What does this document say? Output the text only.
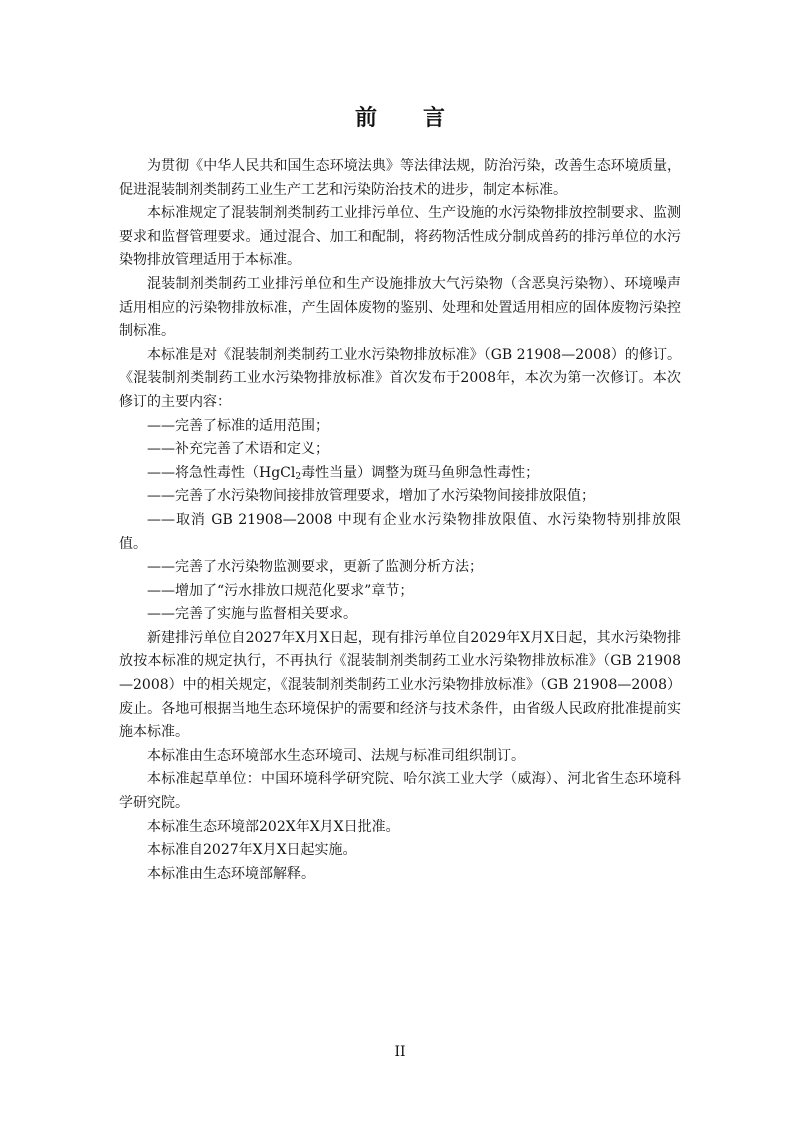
前言

为贯彻《中华人民共和国生态环境法典》等法律法规，防治污染，改善生态环境质量，促进混装制剂类制药工业生产工艺和污染防治技术的进步，制定本标准。

本标准规定了混装制剂类制药工业排污单位、生产设施的水污染物排放控制要求、监测要求和监督管理要求。通过混合、加工和配制，将药物活性成分制成兽药的排污单位的水污染物排放管理适用于本标准。

混装制剂类制药工业排污单位和生产设施排放大气污染物（含恶臭污染物）、环境噪声适用相应的污染物排放标准，产生固体废物的鉴别、处理和处置适用相应的固体废物污染控制标准。

本标准是对《混装制剂类制药工业水污染物排放标准》（GB 21908—2008）的修订。《混装制剂类制药工业水污染物排放标准》首次发布于2008年，本次为第一次修订。本次修订的主要内容：

——完善了标准的适用范围；

——补充完善了术语和定义；

——将急性毒性（HgCl$_2$毒性当量）调整为斑马鱼卵急性毒性；

——完善了水污染物间接排放管理要求，增加了水污染物间接排放限值；

——取消 GB 21908—2008 中现有企业水污染物排放限值、水污染物特别排放限值。

——完善了水污染物监测要求，更新了监测分析方法；

——增加了“污水排放口规范化要求”章节；

——完善了实施与监督相关要求。

新建排污单位自2027年X月X日起，现有排污单位自2029年X月X日起，其水污染物排放按本标准的规定执行，不再执行《混装制剂类制药工业水污染物排放标准》（GB 21908—2008）中的相关规定，《混装制剂类制药工业水污染物排放标准》（GB 21908—2008）废止。各地可根据当地生态环境保护的需要和经济与技术条件，由省级人民政府批准提前实施本标准。

本标准由生态环境部水生态环境司、法规与标准司组织制订。

本标准起草单位：中国环境科学研究院、哈尔滨工业大学（威海）、河北省生态环境科学研究院。

本标准生态环境部202X年X月X日批准。

本标准自2027年X月X日起实施。

本标准由生态环境部解释。

II
